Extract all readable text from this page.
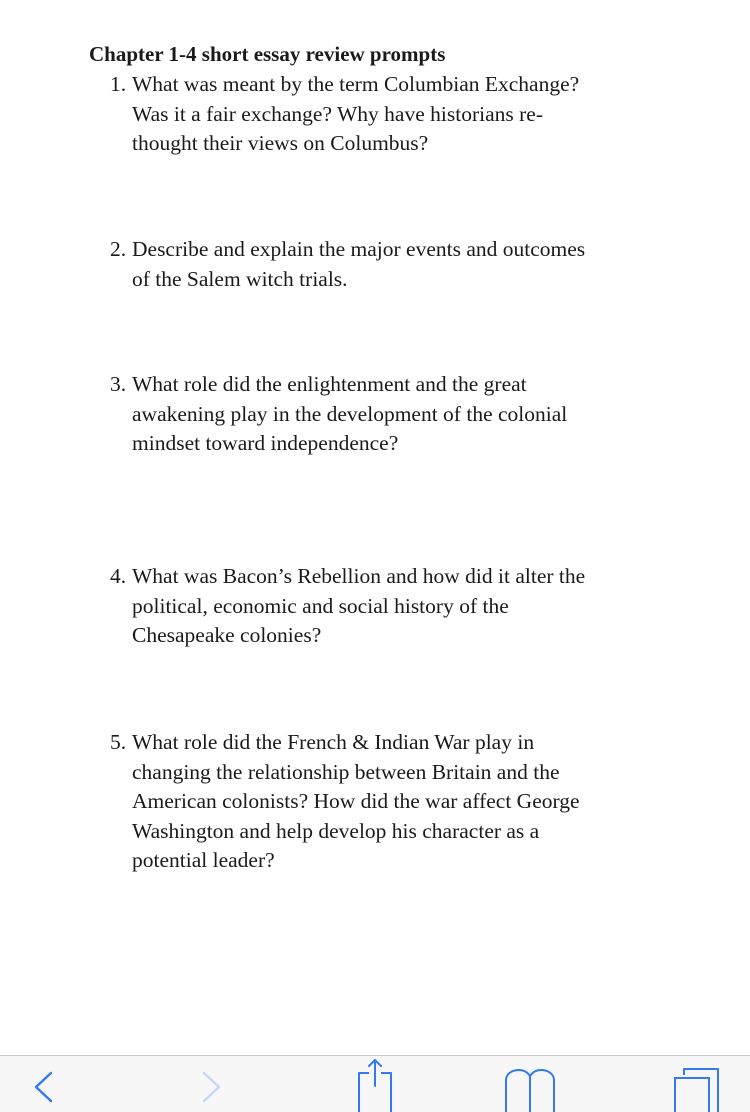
Chapter 1-4 short essay review prompts
1. What was meant by the term Columbian Exchange?
Was it a fair exchange? Why have historians re-
thought their views on Columbus?
2. Describe and explain the major events and outcomes
of the Salem witch trials.
3. What role did the enlightenment and the great
awakening play in the development of the colonial
mindset toward independence?
4. What was Bacon’s Rebellion and how did it alter the
political, economic and social history of the
Chesapeake colonies?
5. What role did the French & Indian War play in
changing the relationship between Britain and the
American colonists? How did the war affect George
Washington and help develop his character as a
potential leader?
